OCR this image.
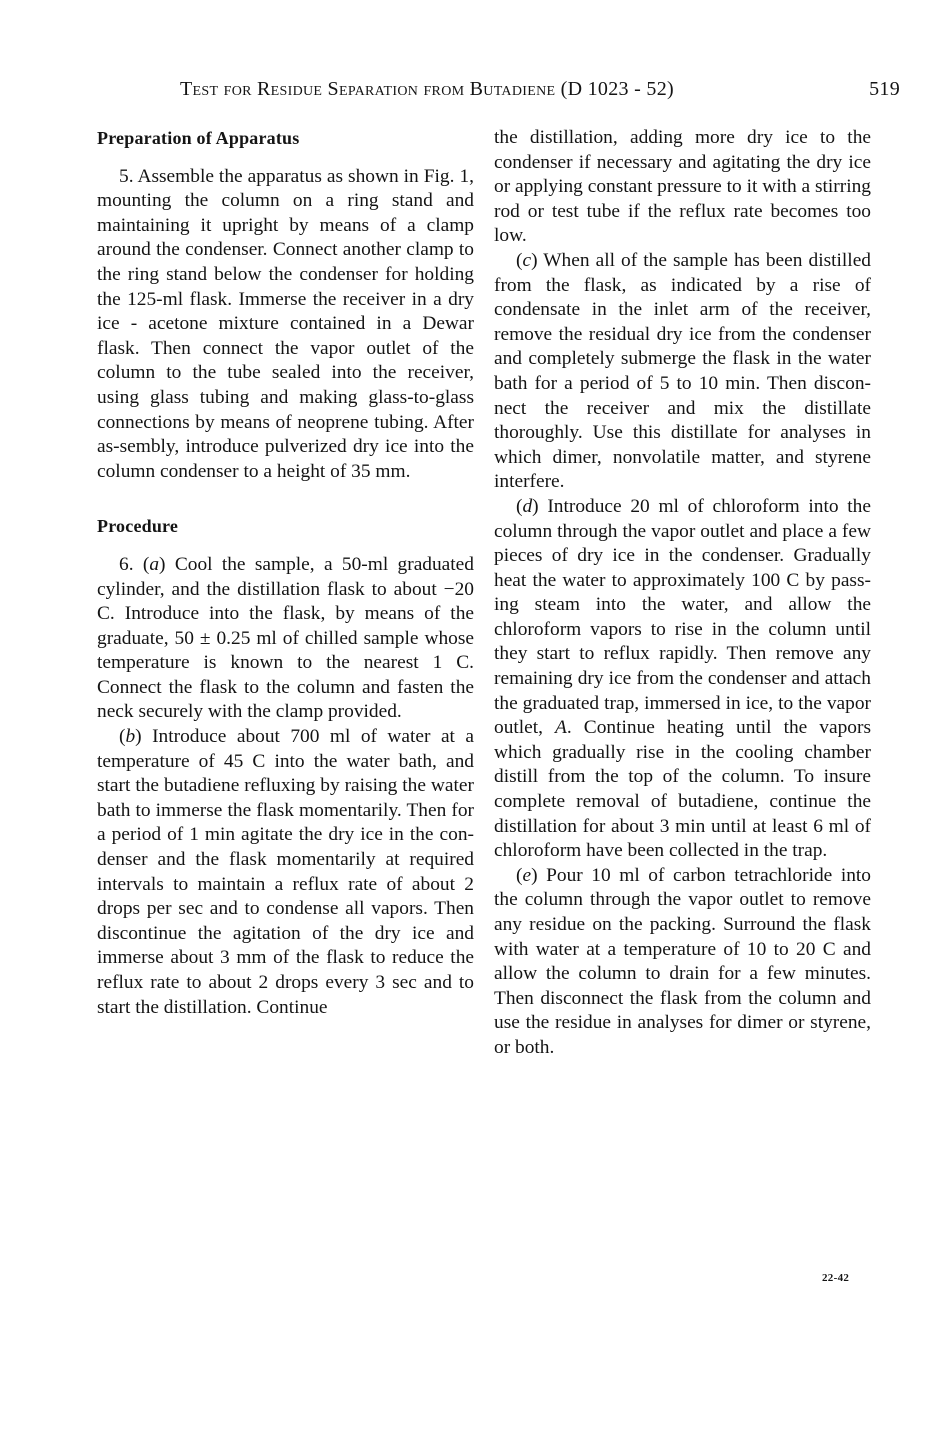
Test for Residue Separation from Butadiene (D 1023 - 52)	519
Preparation of Apparatus

5. Assemble the apparatus as shown in Fig. 1, mounting the column on a ring stand and maintaining it upright by means of a clamp around the condenser. Connect another clamp to the ring stand below the condenser for holding the 125-ml flask. Immerse the receiver in a dry ice - acetone mixture contained in a Dewar flask. Then connect the vapor outlet of the column to the tube sealed into the receiver, using glass tubing and making glass-to-glass connections by means of neoprene tubing. After as-sembly, introduce pulverized dry ice into the column condenser to a height of 35 mm.

Procedure

6. (a) Cool the sample, a 50-ml graduated cylinder, and the distillation flask to about −20 C. Introduce into the flask, by means of the graduate, 50 ± 0.25 ml of chilled sample whose temperature is known to the nearest 1 C. Connect the flask to the column and fasten the neck securely with the clamp provided.

(b) Introduce about 700 ml of water at a temperature of 45 C into the water bath, and start the butadiene refluxing by raising the water bath to immerse the flask momentarily. Then for a period of 1 min agitate the dry ice in the condenser and the flask momentarily at required intervals to maintain a reflux rate of about 2 drops per sec and to condense all vapors. Then discontinue the agitation of the dry ice and immerse about 3 mm of the flask to reduce the reflux rate to about 2 drops every 3 sec and to start the distillation. Continue

the distillation, adding more dry ice to the condenser if necessary and agitating the dry ice or applying constant pressure to it with a stirring rod or test tube if the reflux rate becomes too low.

(c) When all of the sample has been distilled from the flask, as indicated by a rise of condensate in the inlet arm of the receiver, remove the residual dry ice from the condenser and completely submerge the flask in the water bath for a period of 5 to 10 min. Then disconnect the receiver and mix the distillate thoroughly. Use this distillate for analyses in which dimer, nonvolatile matter, and styrene interfere.

(d) Introduce 20 ml of chloroform into the column through the vapor outlet and place a few pieces of dry ice in the condenser. Gradually heat the water to approximately 100 C by passing steam into the water, and allow the chloroform vapors to rise in the column until they start to reflux rapidly. Then remove any remaining dry ice from the condenser and attach the graduated trap, immersed in ice, to the vapor outlet, A. Continue heating until the vapors which gradually rise in the cooling chamber distill from the top of the column. To insure complete removal of butadiene, continue the distillation for about 3 min until at least 6 ml of chloroform have been collected in the trap.

(e) Pour 10 ml of carbon tetrachloride into the column through the vapor outlet to remove any residue on the packing. Surround the flask with water at a temperature of 10 to 20 C and allow the column to drain for a few minutes. Then disconnect the flask from the column and use the residue in analyses for dimer or styrene, or both.

22-42
